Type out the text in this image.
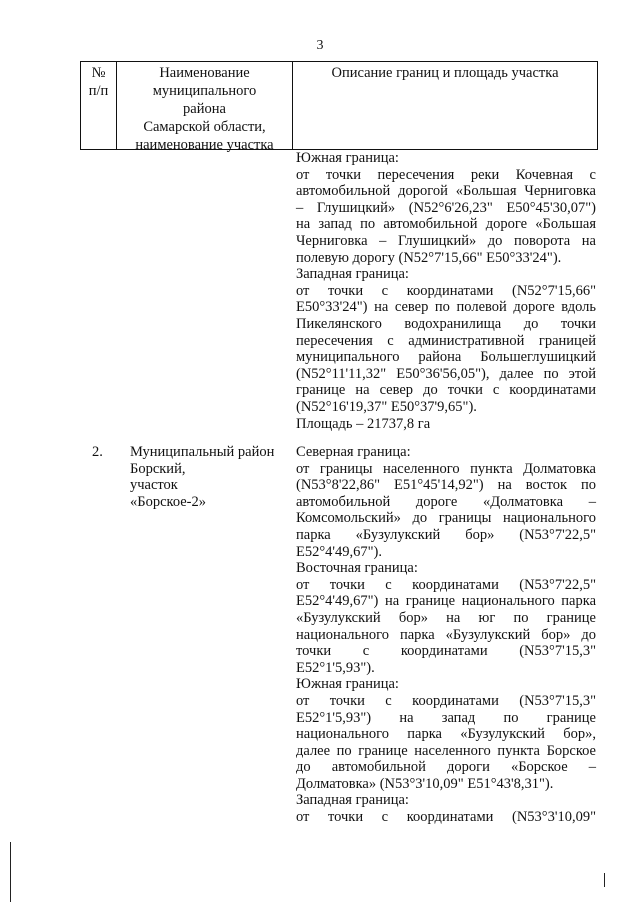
3
№
п/п
Наименование
муниципального
района
Самарской области,
наименование участка
Описание границ и площадь участка
Южная граница:
от точки пересечения реки Кочевная с
автомобильной дорогой «Большая Черниговка
– Глушицкий» (N52°6'26,23" E50°45'30,07")
на запад по автомобильной дороге «Большая
Черниговка – Глушицкий» до поворота на
полевую дорогу (N52°7'15,66" E50°33'24").
Западная граница:
от точки с координатами (N52°7'15,66"
E50°33'24") на север по полевой дороге вдоль
Пикелянского водохранилища до точки
пересечения с административной границей
муниципального района Большеглушицкий
(N52°11'11,32" E50°36'56,05"), далее по этой
границе на север до точки с координатами
(N52°16'19,37" E50°37'9,65").
Площадь – 21737,8 га
2. Муниципальный район
Борский,
участок
«Борское-2»
Северная граница:
от границы населенного пункта Долматовка
(N53°8'22,86" E51°45'14,92") на восток по
автомобильной дороге «Долматовка –
Комсомольский» до границы национального
парка «Бузулукский бор» (N53°7'22,5"
E52°4'49,67").
Восточная граница:
от точки с координатами (N53°7'22,5"
E52°4'49,67") на границе национального парка
«Бузулукский бор» на юг по границе
национального парка «Бузулукский бор» до
точки с координатами (N53°7'15,3"
E52°1'5,93").
Южная граница:
от точки с координатами (N53°7'15,3"
E52°1'5,93") на запад по границе
национального парка «Бузулукский бор»,
далее по границе населенного пункта Борское
до автомобильной дороги «Борское –
Долматовка» (N53°3'10,09" E51°43'8,31").
Западная граница:
от точки с координатами (N53°3'10,09"
